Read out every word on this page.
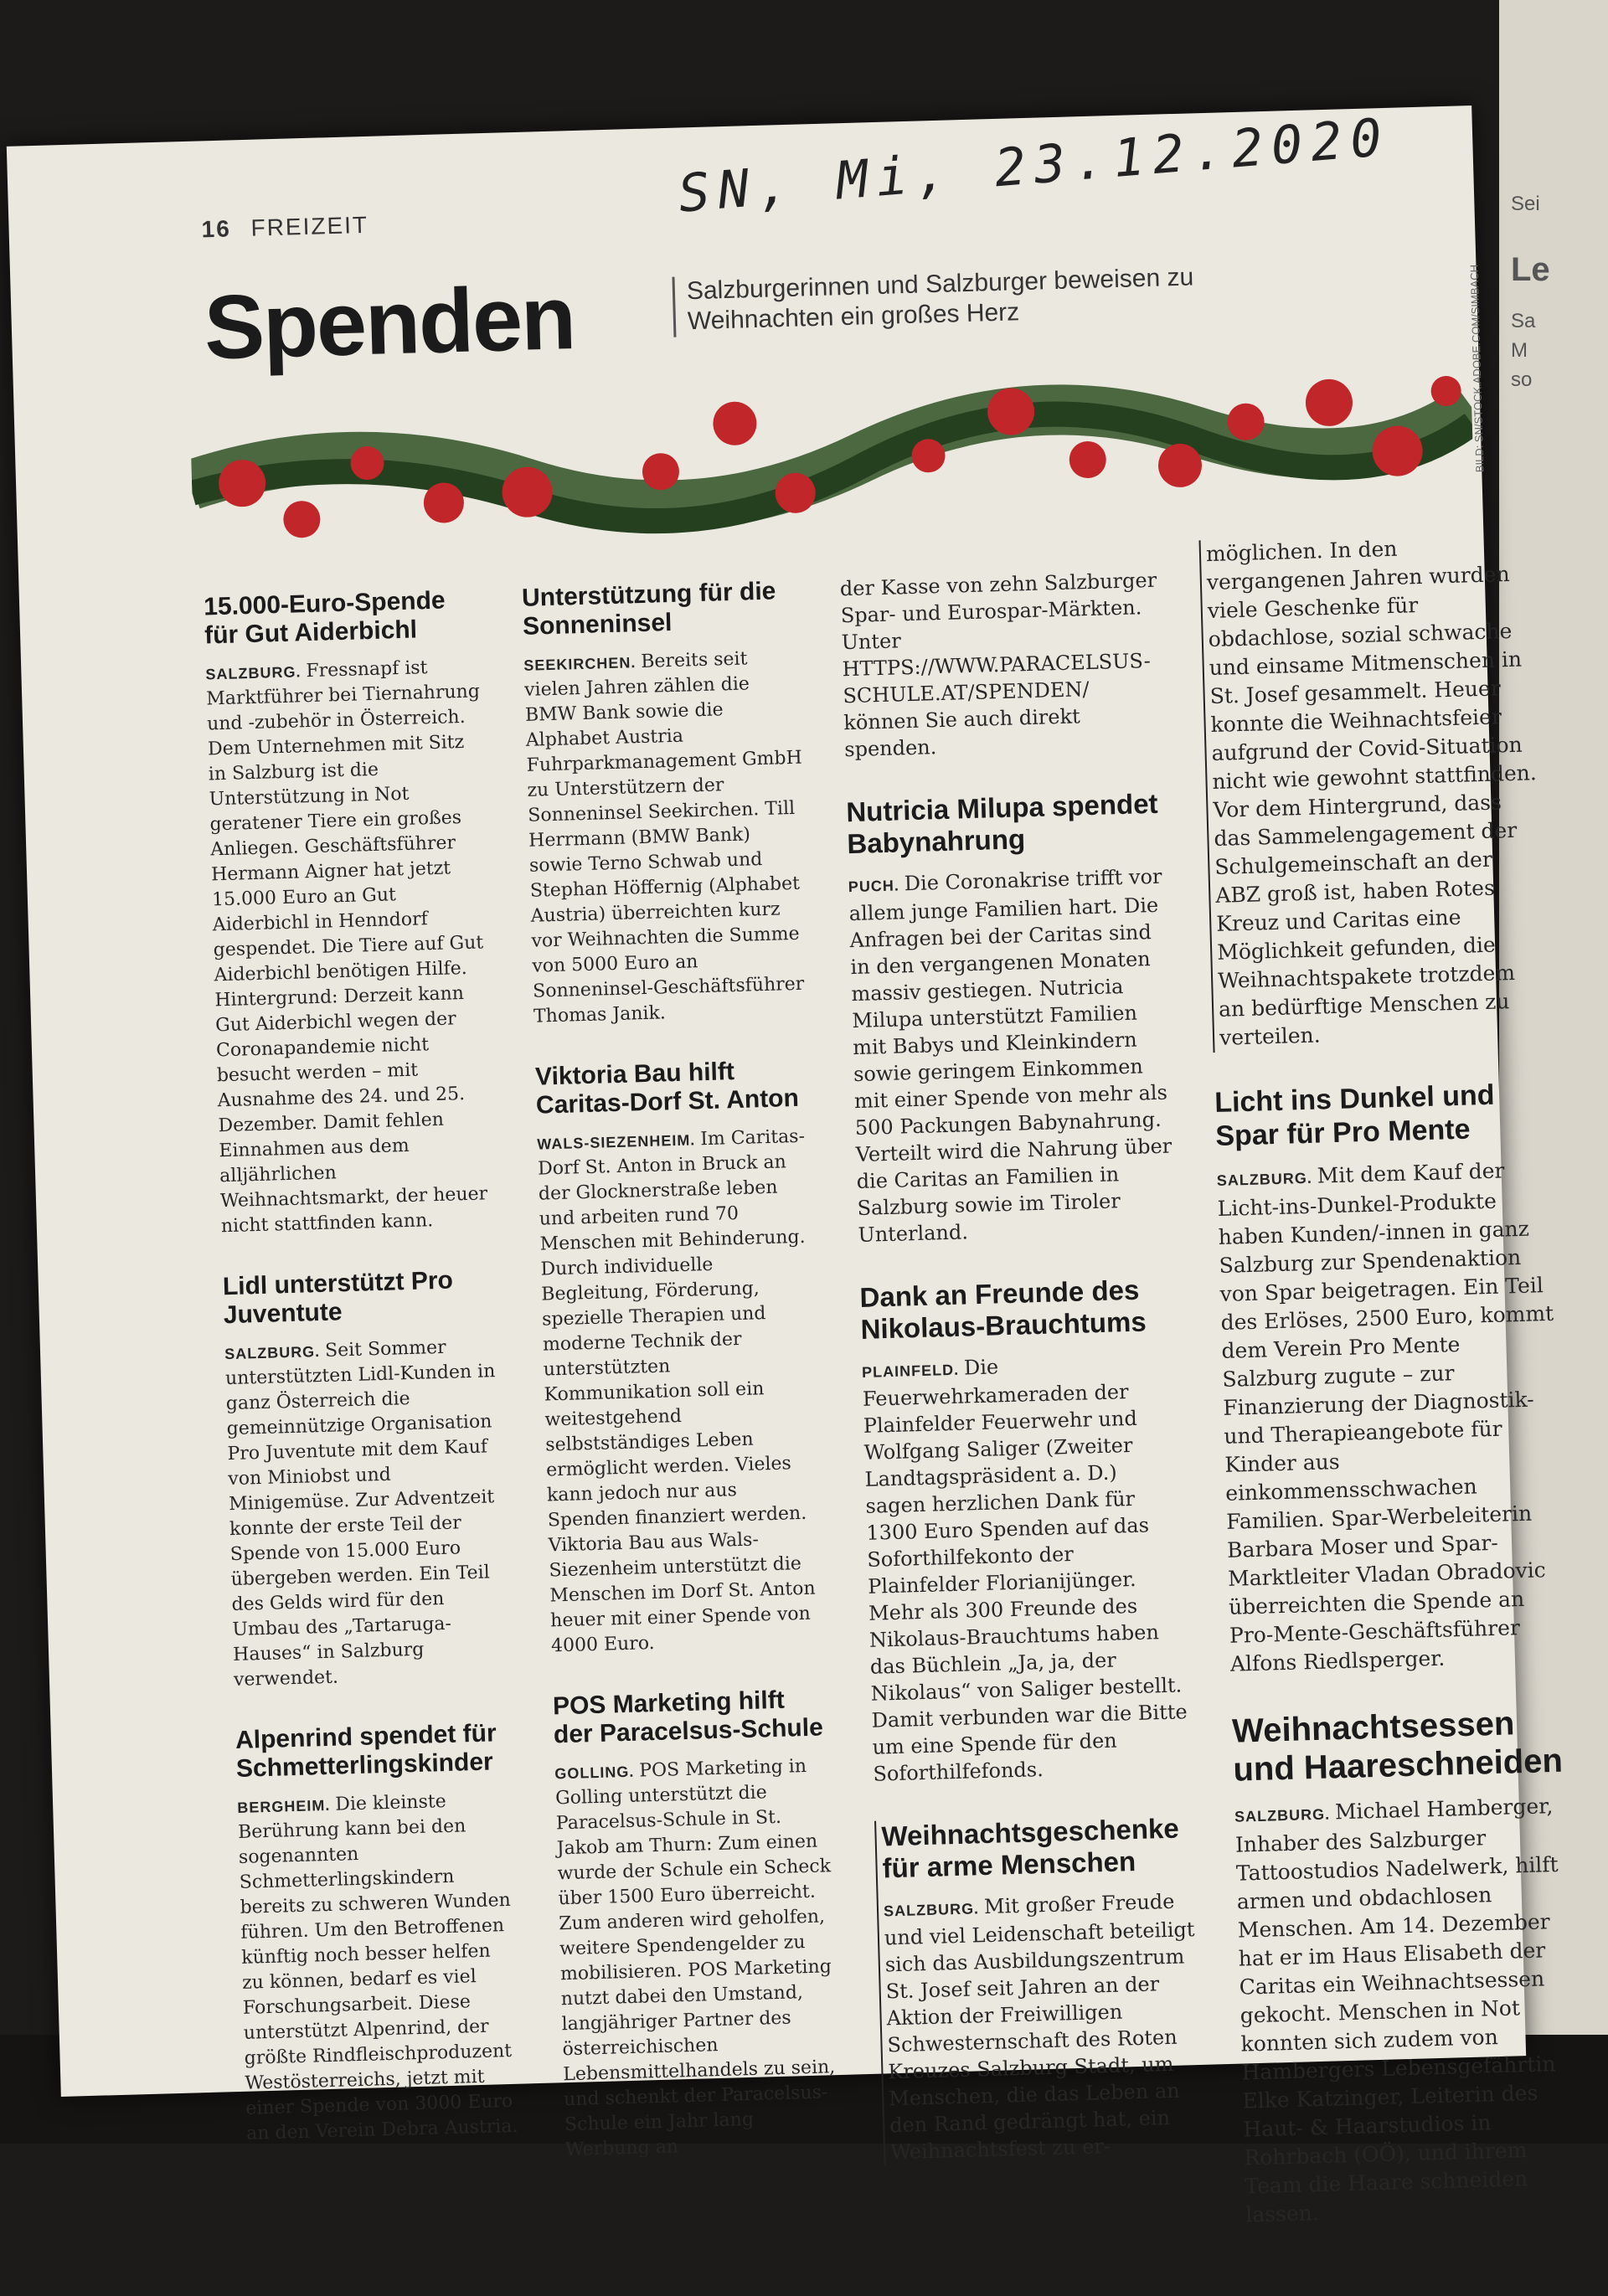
Sei
Le
Sa
M
so
SN, Mi, 23.12.2020
16 FREIZEIT
Spenden	Salzburgerinnen und Salzburger beweisen zu Weihnachten ein großes Herz	BILD: SN/STOCK.ADOBE.COM/SIMBACH
15.000-Euro-Spende für Gut Aiderbichl

SALZBURG. Fressnapf ist Marktführer bei Tiernahrung und -zubehör in Österreich. Dem Unternehmen mit Sitz in Salzburg ist die Unterstützung in Not geratener Tiere ein großes Anliegen. Geschäftsführer Hermann Aigner hat jetzt 15.000 Euro an Gut Aiderbichl in Henndorf gespendet. Die Tiere auf Gut Aiderbichl benötigen Hilfe. Hintergrund: Derzeit kann Gut Aiderbichl wegen der Coronapandemie nicht besucht werden – mit Ausnahme des 24. und 25. Dezember. Damit fehlen Einnahmen aus dem alljährlichen Weihnachtsmarkt, der heuer nicht stattfinden kann.

Lidl unterstützt Pro Juventute

SALZBURG. Seit Sommer unterstützten Lidl-Kunden in ganz Österreich die gemeinnützige Organisation Pro Juventute mit dem Kauf von Miniobst und Minigemüse. Zur Adventzeit konnte der erste Teil der Spende von 15.000 Euro übergeben werden. Ein Teil des Gelds wird für den Umbau des „Tartaruga-Hauses“ in Salzburg verwendet.

Alpenrind spendet für Schmetterlingskinder

BERGHEIM. Die kleinste Berührung kann bei den sogenannten Schmetterlingskindern bereits zu schweren Wunden führen. Um den Betroffenen künftig noch besser helfen zu können, bedarf es viel Forschungsarbeit. Diese unterstützt Alpenrind, der größte Rindfleischproduzent Westösterreichs, jetzt mit einer Spende von 3000 Euro an den Verein Debra Austria.

Unterstützung für die Sonneninsel

SEEKIRCHEN. Bereits seit vielen Jahren zählen die BMW Bank sowie die Alphabet Austria Fuhrparkmanagement GmbH zu Unterstützern der Sonneninsel Seekirchen. Till Herrmann (BMW Bank) sowie Terno Schwab und Stephan Höffernig (Alphabet Austria) überreichten kurz vor Weihnachten die Summe von 5000 Euro an Sonneninsel-Geschäftsführer Thomas Janik.

Viktoria Bau hilft Caritas-Dorf St. Anton

WALS-SIEZENHEIM. Im Caritas-Dorf St. Anton in Bruck an der Glocknerstraße leben und arbeiten rund 70 Menschen mit Behinderung. Durch individuelle Begleitung, Förderung, spezielle Therapien und moderne Technik der unterstützten Kommunikation soll ein weitestgehend selbstständiges Leben ermöglicht werden. Vieles kann jedoch nur aus Spenden finanziert werden. Viktoria Bau aus Wals-Siezenheim unterstützt die Menschen im Dorf St. Anton heuer mit einer Spende von 4000 Euro.

POS Marketing hilft der Paracelsus-Schule

GOLLING. POS Marketing in Golling unterstützt die Paracelsus-Schule in St. Jakob am Thurn: Zum einen wurde der Schule ein Scheck über 1500 Euro überreicht. Zum anderen wird geholfen, weitere Spendengelder zu mobilisieren. POS Marketing nutzt dabei den Umstand, langjähriger Partner des österreichischen Lebensmittelhandels zu sein, und schenkt der Paracelsus-Schule ein Jahr lang Werbung an

der Kasse von zehn Salzburger Spar- und Eurospar-Märkten. Unter HTTPS://WWW.PARACELSUS-SCHULE.AT/SPENDEN/ können Sie auch direkt spenden.

Nutricia Milupa spendet Babynahrung

PUCH. Die Coronakrise trifft vor allem junge Familien hart. Die Anfragen bei der Caritas sind in den vergangenen Monaten massiv gestiegen. Nutricia Milupa unterstützt Familien mit Babys und Kleinkindern sowie geringem Einkommen mit einer Spende von mehr als 500 Packungen Babynahrung. Verteilt wird die Nahrung über die Caritas an Familien in Salzburg sowie im Tiroler Unterland.

Dank an Freunde des Nikolaus-Brauchtums

PLAINFELD. Die Feuerwehrkameraden der Plainfelder Feuerwehr und Wolfgang Saliger (Zweiter Landtagspräsident a. D.) sagen herzlichen Dank für 1300 Euro Spenden auf das Soforthilfekonto der Plainfelder Florianijünger. Mehr als 300 Freunde des Nikolaus-Brauchtums haben das Büchlein „Ja, ja, der Nikolaus“ von Saliger bestellt. Damit verbunden war die Bitte um eine Spende für den Soforthilfefonds.

Weihnachtsgeschenke für arme Menschen

SALZBURG. Mit großer Freude und viel Leidenschaft beteiligt sich das Ausbildungszentrum St. Josef seit Jahren an der Aktion der Freiwilligen Schwesternschaft des Roten Kreuzes Salzburg Stadt, um Menschen, die das Leben an den Rand gedrängt hat, ein Weihnachtsfest zu er-

möglichen. In den vergangenen Jahren wurden viele Geschenke für obdachlose, sozial schwache und einsame Mitmenschen in St. Josef gesammelt. Heuer konnte die Weihnachtsfeier aufgrund der Covid-Situation nicht wie gewohnt stattfinden. Vor dem Hintergrund, dass das Sammelengagement der Schulgemeinschaft an der ABZ groß ist, haben Rotes Kreuz und Caritas eine Möglichkeit gefunden, die Weihnachtspakete trotzdem an bedürftige Menschen zu verteilen.

Licht ins Dunkel und Spar für Pro Mente

SALZBURG. Mit dem Kauf der Licht-ins-Dunkel-Produkte haben Kunden/-innen in ganz Salzburg zur Spendenaktion von Spar beigetragen. Ein Teil des Erlöses, 2500 Euro, kommt dem Verein Pro Mente Salzburg zugute – zur Finanzierung der Diagnostik- und Therapieangebote für Kinder aus einkommensschwachen Familien. Spar-Werbeleiterin Barbara Moser und Spar-Marktleiter Vladan Obradovic überreichten die Spende an Pro-Mente-Geschäftsführer Alfons Riedlsperger.

Weihnachtsessen und Haareschneiden

SALZBURG. Michael Hamberger, Inhaber des Salzburger Tattoostudios Nadelwerk, hilft armen und obdachlosen Menschen. Am 14. Dezember hat er im Haus Elisabeth der Caritas ein Weihnachtsessen gekocht. Menschen in Not konnten sich zudem von Hambergers Lebensgefährtin Elke Katzinger, Leiterin des Haut- & Haarstudios in Rohrbach (OÖ), und ihrem Team die Haare schneiden lassen.
